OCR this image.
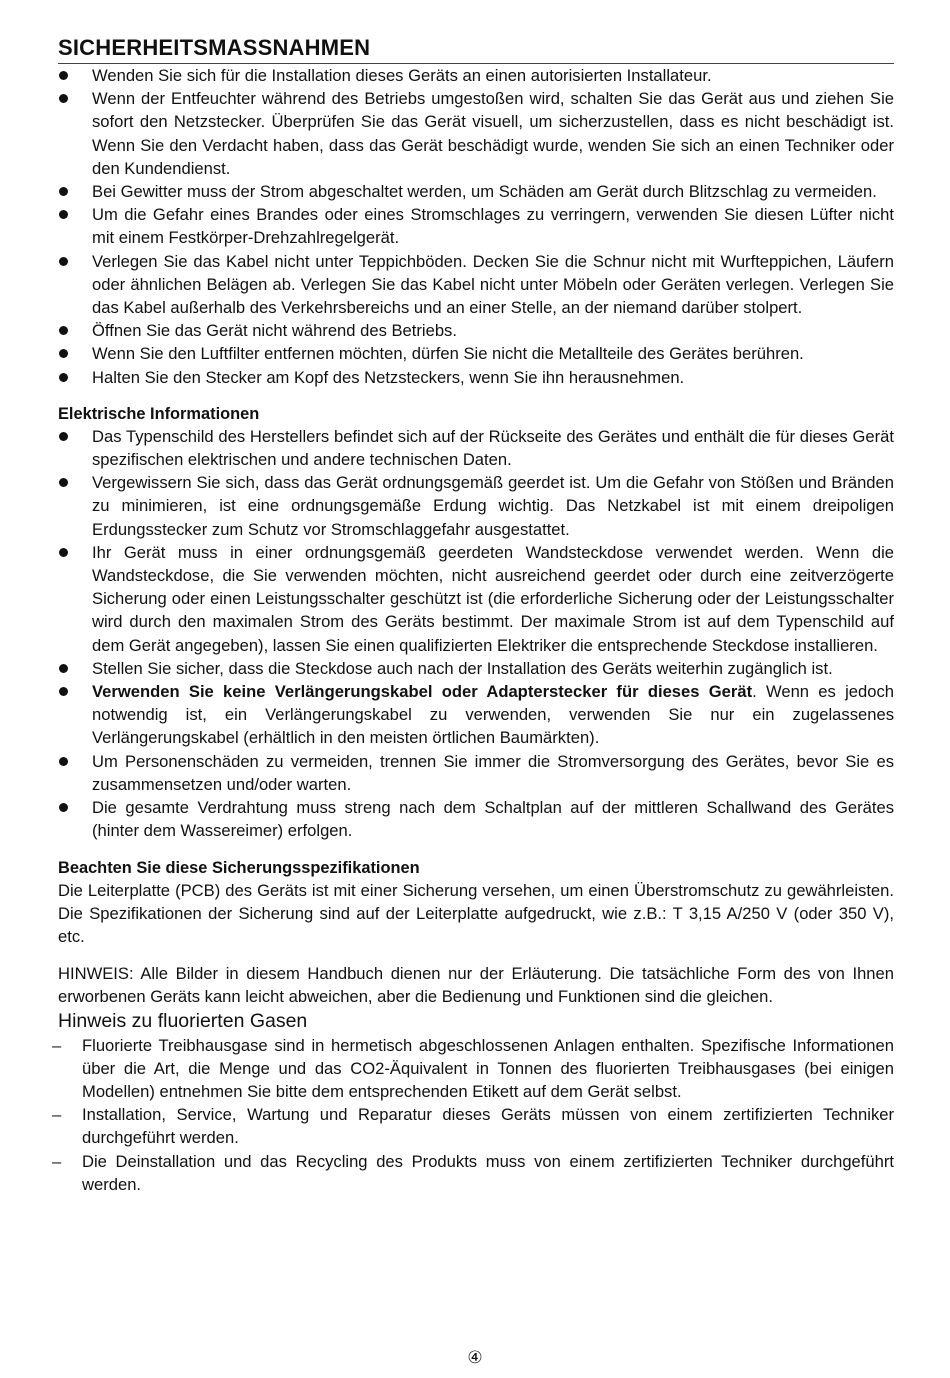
SICHERHEITSMASSNAHMEN
Wenden Sie sich für die Installation dieses Geräts an einen autorisierten Installateur.
Wenn der Entfeuchter während des Betriebs umgestoßen wird, schalten Sie das Gerät aus und ziehen Sie sofort den Netzstecker. Überprüfen Sie das Gerät visuell, um sicherzustellen, dass es nicht beschädigt ist. Wenn Sie den Verdacht haben, dass das Gerät beschädigt wurde, wenden Sie sich an einen Techniker oder den Kundendienst.
Bei Gewitter muss der Strom abgeschaltet werden, um Schäden am Gerät durch Blitzschlag zu vermeiden.
Um die Gefahr eines Brandes oder eines Stromschlages zu verringern, verwenden Sie diesen Lüfter nicht mit einem Festkörper-Drehzahlregelgerät.
Verlegen Sie das Kabel nicht unter Teppichböden. Decken Sie die Schnur nicht mit Wurfteppichen, Läufern oder ähnlichen Belägen ab. Verlegen Sie das Kabel nicht unter Möbeln oder Geräten verlegen. Verlegen Sie das Kabel außerhalb des Verkehrsbereichs und an einer Stelle, an der niemand darüber stolpert.
Öffnen Sie das Gerät nicht während des Betriebs.
Wenn Sie den Luftfilter entfernen möchten, dürfen Sie nicht die Metallteile des Gerätes berühren.
Halten Sie den Stecker am Kopf des Netzsteckers, wenn Sie ihn herausnehmen.
Elektrische Informationen
Das Typenschild des Herstellers befindet sich auf der Rückseite des Gerätes und enthält die für dieses Gerät spezifischen elektrischen und andere technischen Daten.
Vergewissern Sie sich, dass das Gerät ordnungsgemäß geerdet ist. Um die Gefahr von Stößen und Bränden zu minimieren, ist eine ordnungsgemäße Erdung wichtig. Das Netzkabel ist mit einem dreipoligen Erdungsstecker zum Schutz vor Stromschlaggefahr ausgestattet.
Ihr Gerät muss in einer ordnungsgemäß geerdeten Wandsteckdose verwendet werden. Wenn die Wandsteckdose, die Sie verwenden möchten, nicht ausreichend geerdet oder durch eine zeitverzögerte Sicherung oder einen Leistungsschalter geschützt ist (die erforderliche Sicherung oder der Leistungsschalter wird durch den maximalen Strom des Geräts bestimmt. Der maximale Strom ist auf dem Typenschild auf dem Gerät angegeben), lassen Sie einen qualifizierten Elektriker die entsprechende Steckdose installieren.
Stellen Sie sicher, dass die Steckdose auch nach der Installation des Geräts weiterhin zugänglich ist.
Verwenden Sie keine Verlängerungskabel oder Adapterstecker für dieses Gerät. Wenn es jedoch notwendig ist, ein Verlängerungskabel zu verwenden, verwenden Sie nur ein zugelassenes Verlängerungskabel (erhältlich in den meisten örtlichen Baumärkten).
Um Personenschäden zu vermeiden, trennen Sie immer die Stromversorgung des Gerätes, bevor Sie es zusammensetzen und/oder warten.
Die gesamte Verdrahtung muss streng nach dem Schaltplan auf der mittleren Schallwand des Gerätes (hinter dem Wassereimer) erfolgen.
Beachten Sie diese Sicherungsspezifikationen

Die Leiterplatte (PCB) des Geräts ist mit einer Sicherung versehen, um einen Überstromschutz zu gewährleisten. Die Spezifikationen der Sicherung sind auf der Leiterplatte aufgedruckt, wie z.B.: T 3,15 A/250 V (oder 350 V), etc.

HINWEIS: Alle Bilder in diesem Handbuch dienen nur der Erläuterung. Die tatsächliche Form des von Ihnen erworbenen Geräts kann leicht abweichen, aber die Bedienung und Funktionen sind die gleichen.

Hinweis zu fluorierten Gasen
– Fluorierte Treibhausgase sind in hermetisch abgeschlossenen Anlagen enthalten. Spezifische Informationen über die Art, die Menge und das CO2-Äquivalent in Tonnen des fluorierten Treibhausgases (bei einigen Modellen) entnehmen Sie bitte dem entsprechenden Etikett auf dem Gerät selbst.
– Installation, Service, Wartung und Reparatur dieses Geräts müssen von einem zertifizierten Techniker durchgeführt werden.
– Die Deinstallation und das Recycling des Produkts muss von einem zertifizierten Techniker durchgeführt werden.
④
